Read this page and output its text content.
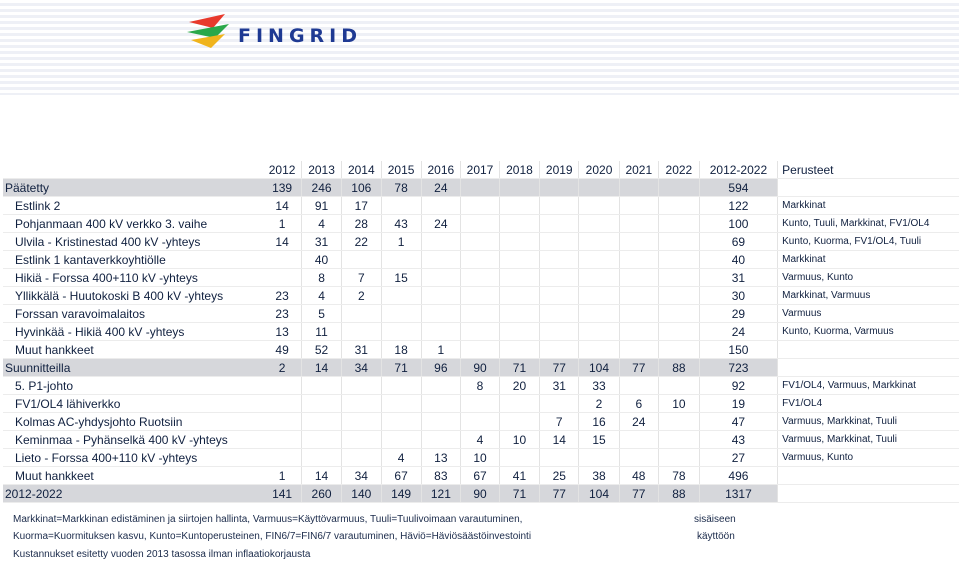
FINGRID
	2012	2013	2014	2015	2016	2017	2018	2019	2020	2021	2022	2012-2022	Perusteet
Päätetty	139	246	106	78	24							594	
Estlink 2	14	91	17									122	Markkinat
Pohjanmaan 400 kV verkko 3. vaihe	1	4	28	43	24							100	Kunto, Tuuli, Markkinat, FV1/OL4
Ulvila - Kristinestad 400 kV -yhteys	14	31	22	1								69	Kunto, Kuorma, FV1/OL4, Tuuli
Estlink 1 kantaverkkoyhtiölle		40										40	Markkinat
Hikiä - Forssa 400+110 kV -yhteys		8	7	15								31	Varmuus, Kunto
Yllikkälä - Huutokoski B 400 kV -yhteys	23	4	2									30	Markkinat, Varmuus
Forssan varavoimalaitos	23	5										29	Varmuus
Hyvinkää - Hikiä 400 kV -yhteys	13	11										24	Kunto, Kuorma, Varmuus
Muut hankkeet	49	52	31	18	1							150	
Suunnitteilla	2	14	34	71	96	90	71	77	104	77	88	723	
5. P1-johto						8	20	31	33			92	FV1/OL4, Varmuus, Markkinat
FV1/OL4 lähiverkko									2	6	10	19	FV1/OL4
Kolmas AC-yhdysjohto Ruotsiin								7	16	24		47	Varmuus, Markkinat, Tuuli
Keminmaa - Pyhänselkä 400 kV -yhteys						4	10	14	15			43	Varmuus, Markkinat, Tuuli
Lieto - Forssa 400+110 kV -yhteys				4	13	10						27	Varmuus, Kunto
Muut hankkeet	1	14	34	67	83	67	41	25	38	48	78	496	
2012-2022	141	260	140	149	121	90	71	77	104	77	88	1317	
Markkinat=Markkinan edistäminen ja siirtojen hallinta, Varmuus=Käyttövarmuus, Tuuli=Tuulivoimaan varautuminen,	sisäiseen
Kuorma=Kuormituksen kasvu, Kunto=Kuntoperusteinen, FIN6/7=FIN6/7 varautuminen, Häviö=Häviösäästöinvestointi	käyttöön
Kustannukset esitetty vuoden 2013 tasossa ilman inflaatiokorjausta
